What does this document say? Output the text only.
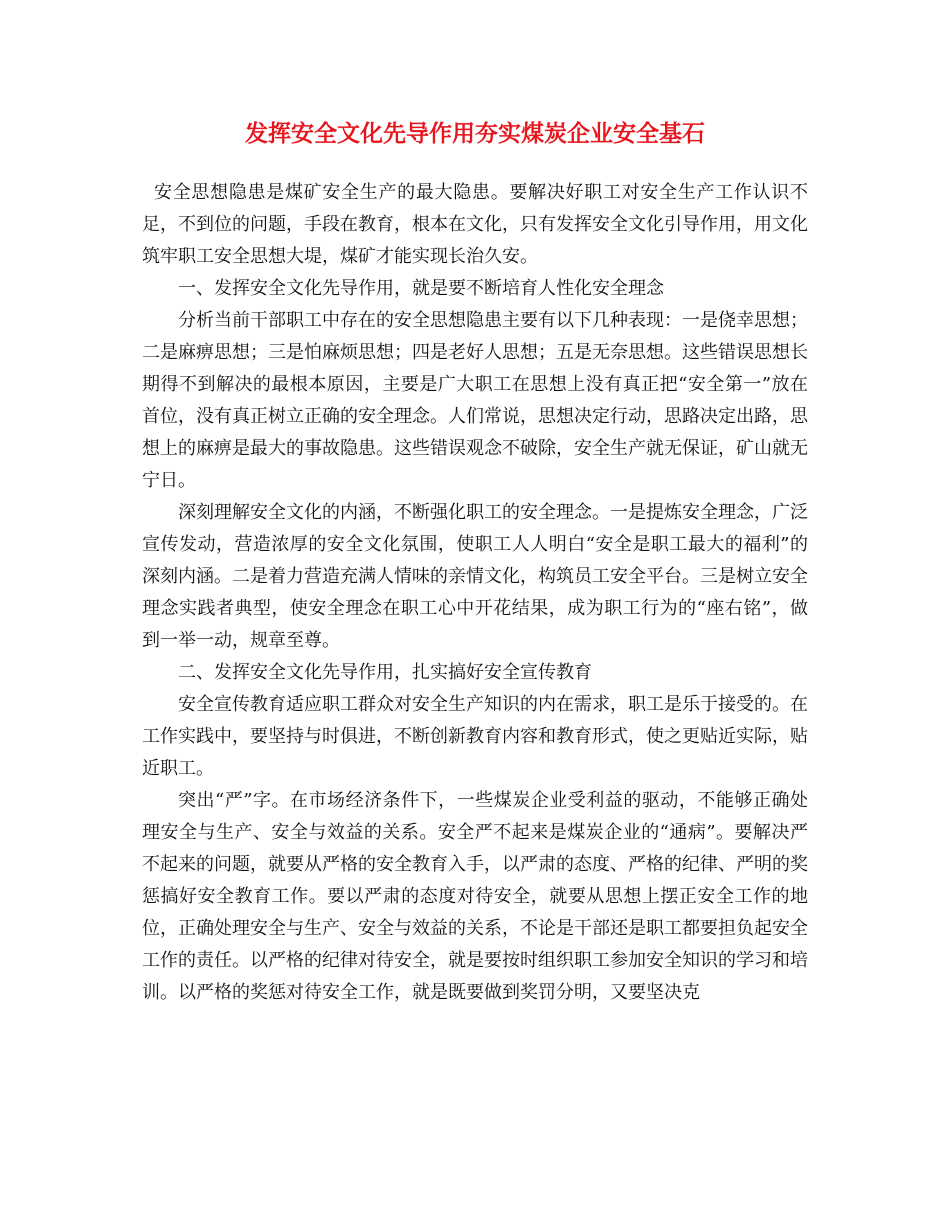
发挥安全文化先导作用夯实煤炭企业安全基石

安全思想隐患是煤矿安全生产的最大隐患。要解决好职工对安全生产工作认识不足，不到位的问题，手段在教育，根本在文化，只有发挥安全文化引导作用，用文化筑牢职工安全思想大堤，煤矿才能实现长治久安。

一、发挥安全文化先导作用，就是要不断培育人性化安全理念

分析当前干部职工中存在的安全思想隐患主要有以下几种表现：一是侥幸思想；二是麻痹思想；三是怕麻烦思想；四是老好人思想；五是无奈思想。这些错误思想长期得不到解决的最根本原因，主要是广大职工在思想上没有真正把“安全第一”放在首位，没有真正树立正确的安全理念。人们常说，思想决定行动，思路决定出路，思想上的麻痹是最大的事故隐患。这些错误观念不破除，安全生产就无保证，矿山就无宁日。

深刻理解安全文化的内涵，不断强化职工的安全理念。一是提炼安全理念，广泛宣传发动，营造浓厚的安全文化氛围，使职工人人明白“安全是职工最大的福利”的深刻内涵。二是着力营造充满人情味的亲情文化，构筑员工安全平台。三是树立安全理念实践者典型，使安全理念在职工心中开花结果，成为职工行为的“座右铭”，做到一举一动，规章至尊。

二、发挥安全文化先导作用，扎实搞好安全宣传教育

安全宣传教育适应职工群众对安全生产知识的内在需求，职工是乐于接受的。在工作实践中，要坚持与时俱进，不断创新教育内容和教育形式，使之更贴近实际，贴近职工。

突出“严”字。在市场经济条件下，一些煤炭企业受利益的驱动，不能够正确处理安全与生产、安全与效益的关系。安全严不起来是煤炭企业的“通病”。要解决严不起来的问题，就要从严格的安全教育入手，以严肃的态度、严格的纪律、严明的奖惩搞好安全教育工作。要以严肃的态度对待安全，就要从思想上摆正安全工作的地位，正确处理安全与生产、安全与效益的关系，不论是干部还是职工都要担负起安全工作的责任。以严格的纪律对待安全，就是要按时组织职工参加安全知识的学习和培训。以严格的奖惩对待安全工作，就是既要做到奖罚分明，又要坚决克
